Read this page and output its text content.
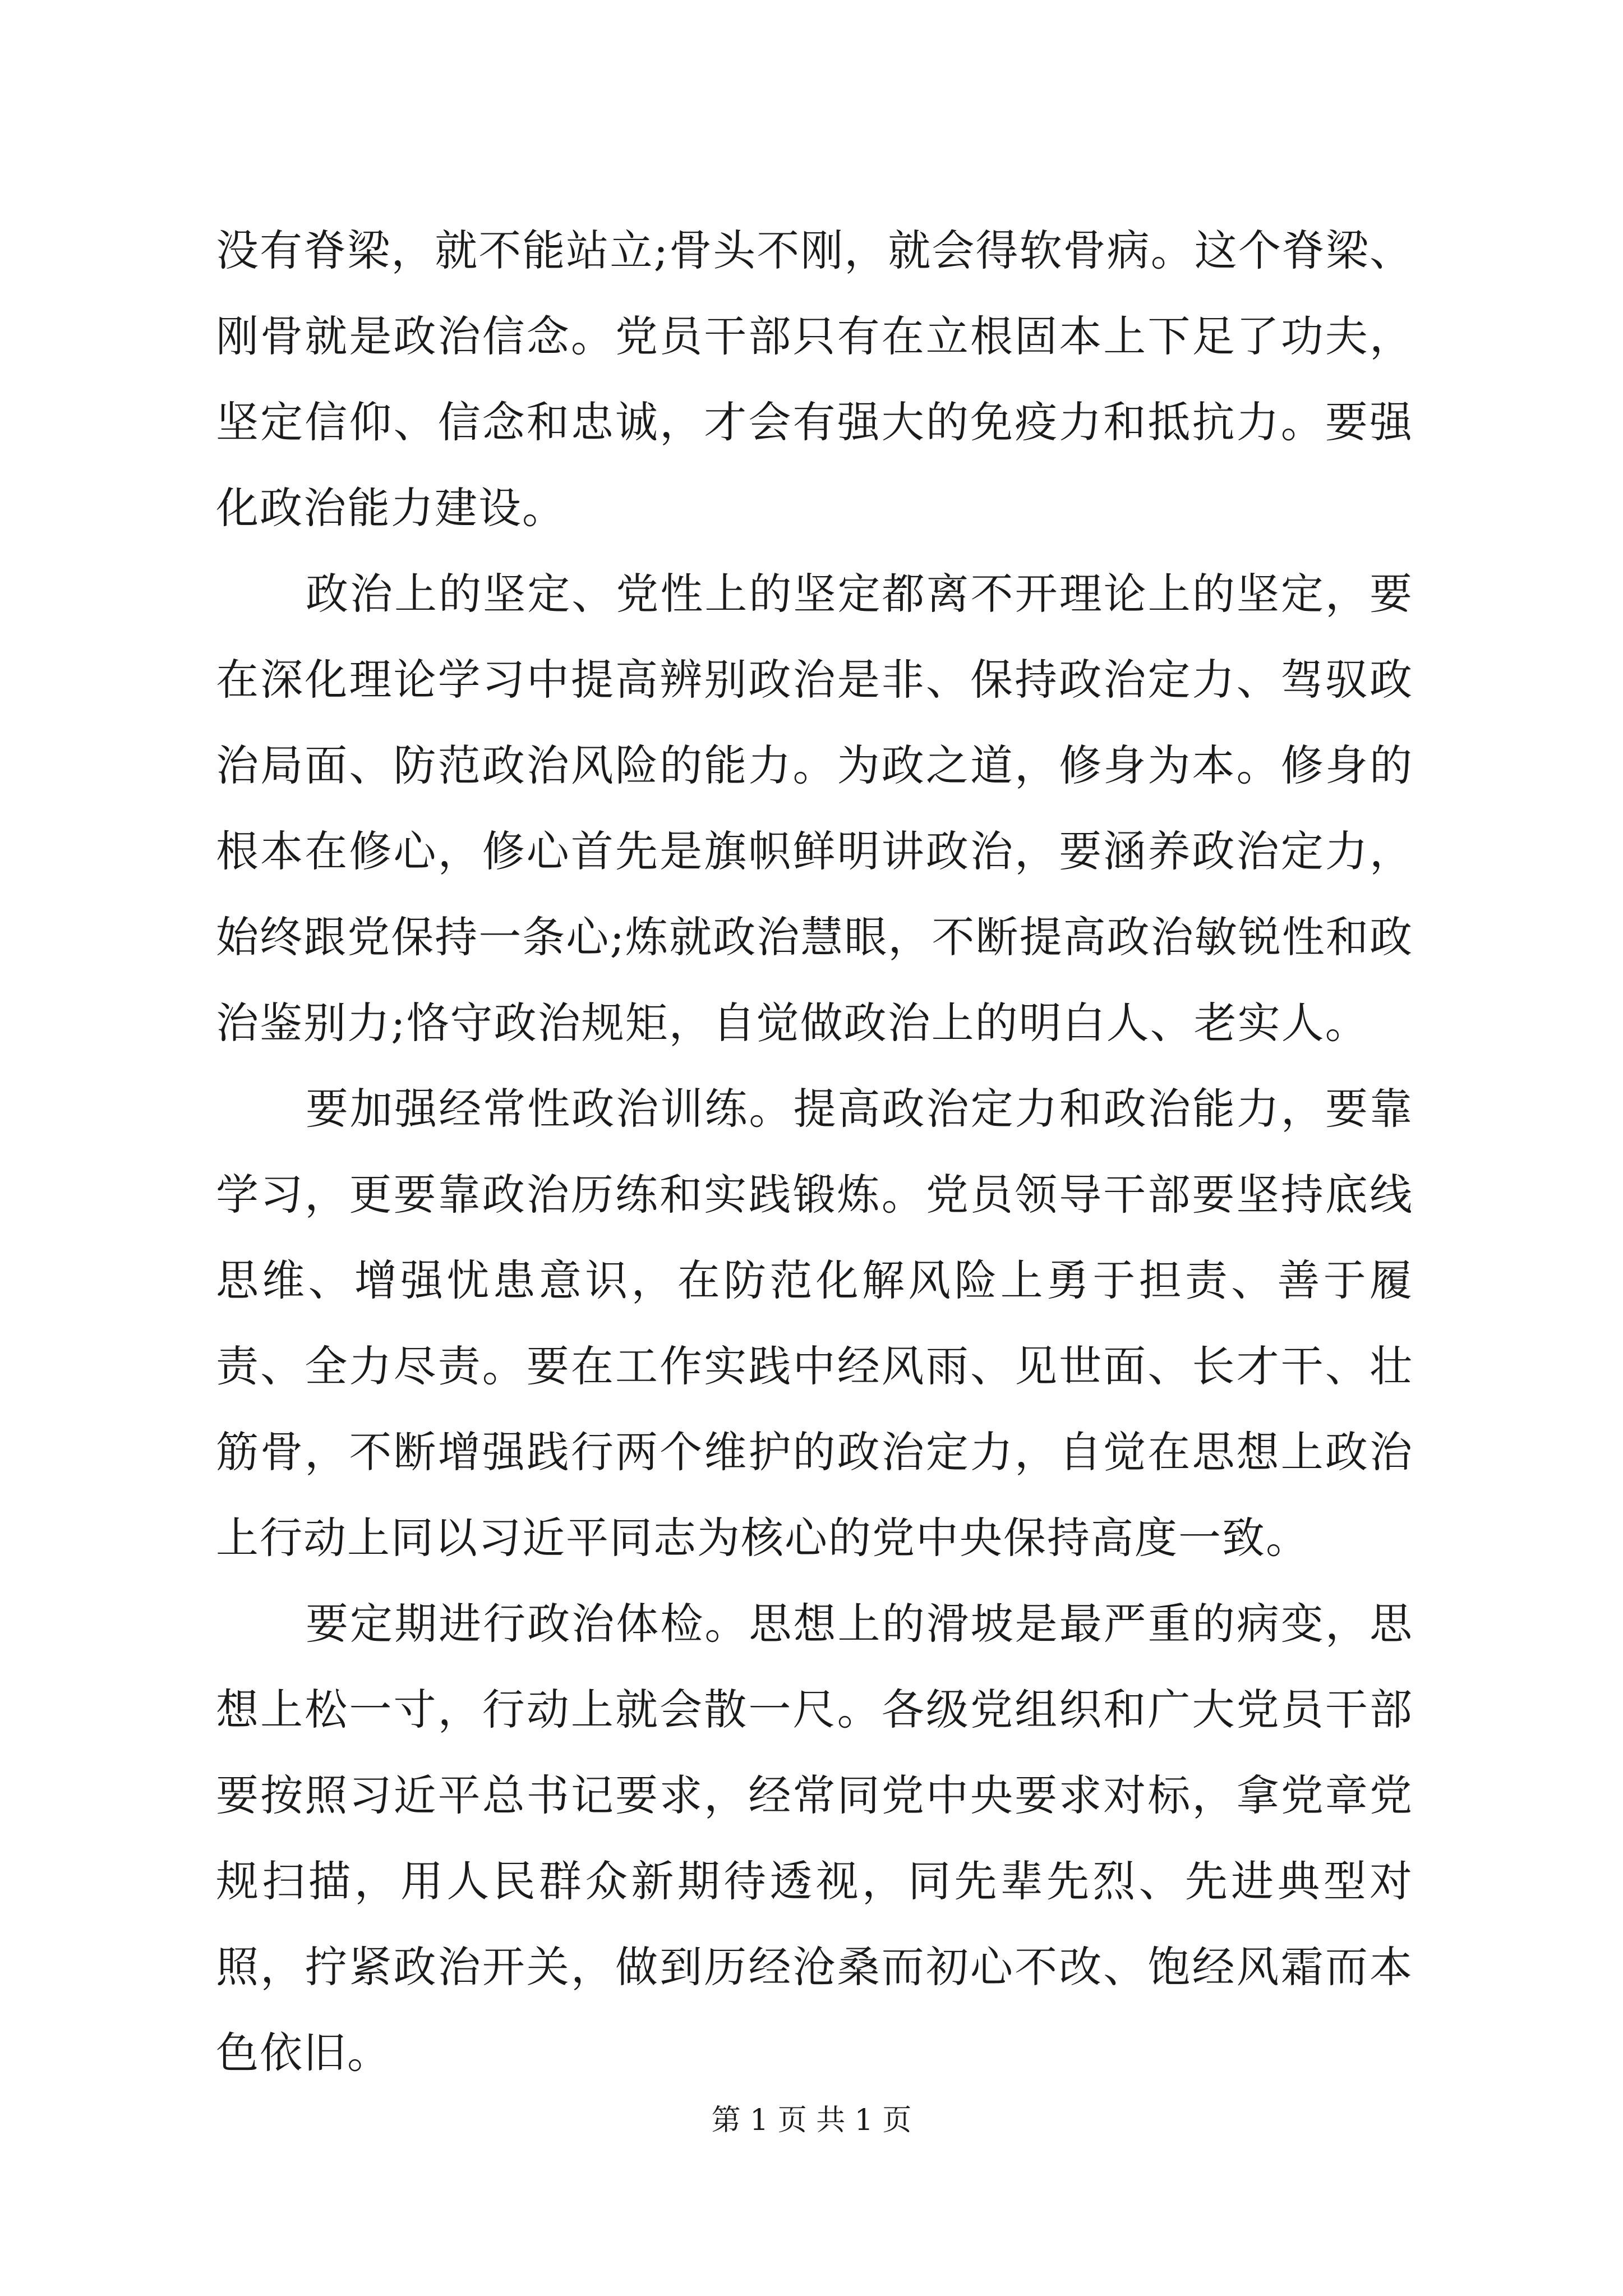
没有脊梁，就不能站立;骨头不刚，就会得软骨病。这个脊梁、刚骨就是政治信念。党员干部只有在立根固本上下足了功夫，坚定信仰、信念和忠诚，才会有强大的免疫力和抵抗力。要强化政治能力建设。

政治上的坚定、党性上的坚定都离不开理论上的坚定，要在深化理论学习中提高辨别政治是非、保持政治定力、驾驭政治局面、防范政治风险的能力。为政之道，修身为本。修身的根本在修心，修心首先是旗帜鲜明讲政治，要涵养政治定力，始终跟党保持一条心;炼就政治慧眼，不断提高政治敏锐性和政治鉴别力;恪守政治规矩，自觉做政治上的明白人、老实人。

要加强经常性政治训练。提高政治定力和政治能力，要靠学习，更要靠政治历练和实践锻炼。党员领导干部要坚持底线思维、增强忧患意识，在防范化解风险上勇于担责、善于履责、全力尽责。要在工作实践中经风雨、见世面、长才干、壮筋骨，不断增强践行两个维护的政治定力，自觉在思想上政治上行动上同以习近平同志为核心的党中央保持高度一致。

要定期进行政治体检。思想上的滑坡是最严重的病变，思想上松一寸，行动上就会散一尺。各级党组织和广大党员干部要按照习近平总书记要求，经常同党中央要求对标，拿党章党规扫描，用人民群众新期待透视，同先辈先烈、先进典型对照，拧紧政治开关，做到历经沧桑而初心不改、饱经风霜而本色依旧。

第 1 页 共 1 页
